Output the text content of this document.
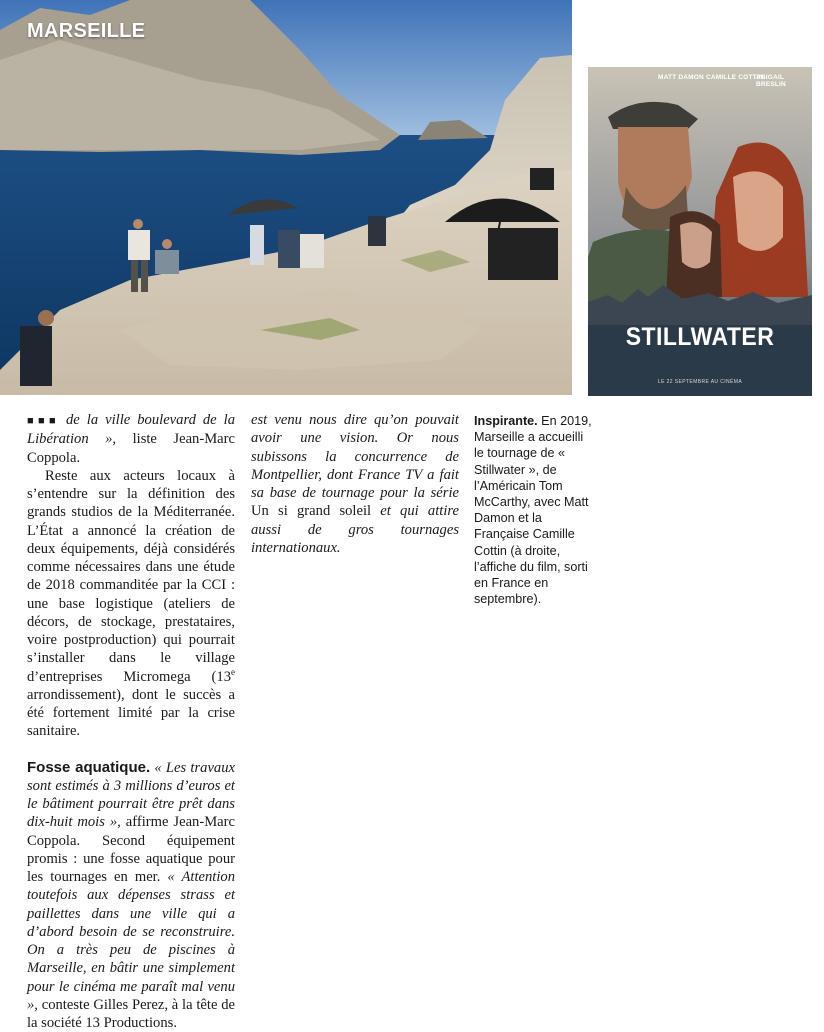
MARSEILLE
MATT DAMON CAMILLE COTTIN
ABIGAIL BRESLIN
STILLWATER
LE 22 SEPTEMBRE AU CINÉMA

■■■ de la ville boulevard de la Libération », liste Jean-Marc Coppola.

Reste aux acteurs locaux à s’entendre sur la définition des grands studios de la Méditerranée. L’État a annoncé la création de deux équipements, déjà considérés comme nécessaires dans une étude de 2018 commanditée par la CCI : une base logistique (ateliers de décors, de stockage, prestataires, voire postproduction) qui pourrait s’installer dans le village d’entreprises Micromega (13e arrondissement), dont le succès a été fortement limité par la crise sanitaire.

Fosse aquatique. « Les travaux sont estimés à 3 millions d’euros et le bâtiment pourrait être prêt dans dix-huit mois », affirme Jean-Marc Coppola. Second équipement promis : une fosse aquatique pour les tournages en mer. « Attention toutefois aux dépenses strass et paillettes dans une ville qui a d’abord besoin de se reconstruire. On a très peu de piscines à Marseille, en bâtir une simplement pour le cinéma me paraît mal venu », conteste Gilles Perez, à la tête de la société 13 Productions.

est venu nous dire qu’on pouvait avoir une vision. Or nous subissons la concurrence de Montpellier, dont France TV a fait sa base de tournage pour la série Un si grand soleil et qui attire aussi de gros tournages internationaux.

Inspirante. En 2019, Marseille a accueilli le tournage de « Stillwater », de l’Américain Tom McCarthy, avec Matt Damon et la Française Camille Cottin (à droite, l’affiche du film, sorti en France en septembre).
